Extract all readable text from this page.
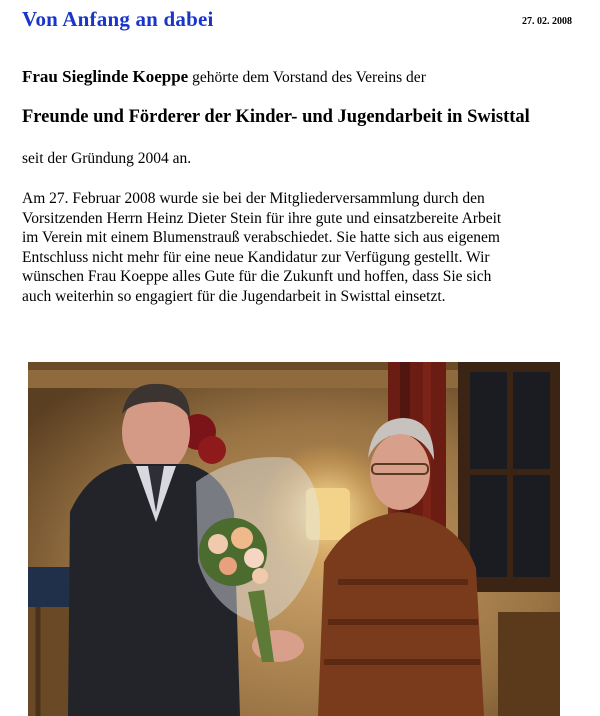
Von Anfang an dabei	27. 02. 2008
Frau Sieglinde Koeppe gehörte dem Vorstand des Vereins der
Freunde und Förderer der Kinder- und Jugendarbeit in Swisttal
seit der Gründung 2004 an.

Am 27. Februar 2008 wurde sie bei der Mitgliederversammlung durch den
Vorsitzenden Herrn Heinz Dieter Stein für ihre gute und einsatzbereite Arbeit
im Verein mit einem Blumenstrauß verabschiedet. Sie hatte sich aus eigenem
Entschluss nicht mehr für eine neue Kandidatur zur Verfügung gestellt. Wir
wünschen Frau Koeppe alles Gute für die Zukunft und hoffen, dass Sie sich
auch weiterhin so engagiert für die Jugendarbeit in Swisttal einsetzt.
